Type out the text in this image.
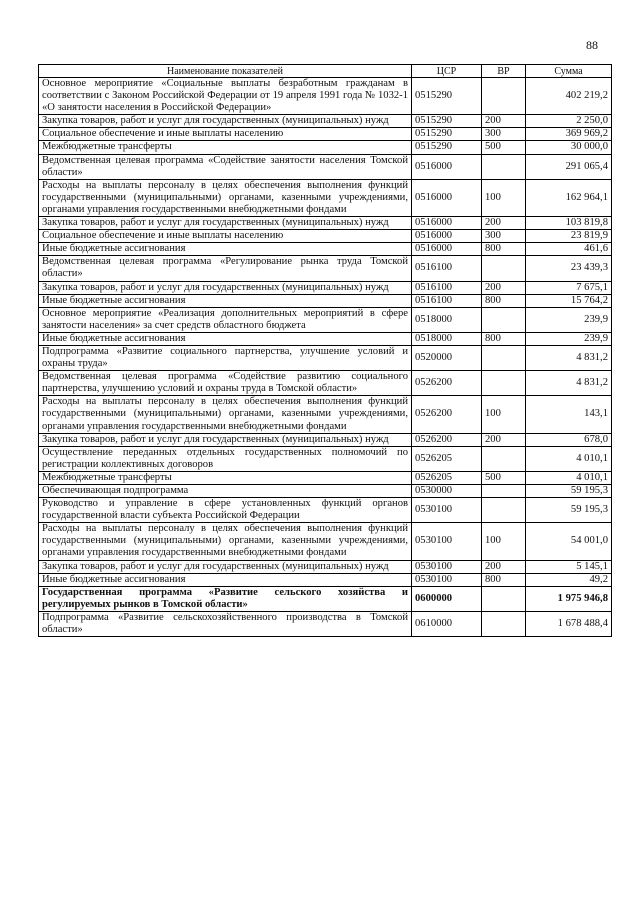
88
Наименование показателей	ЦСР	ВР	Сумма
Основное мероприятие «Социальные выплаты безработным гражданам в соответствии с Законом Российской Федерации от 19 апреля 1991 года № 1032-1 «О занятости населения в Российской Федерации»	0515290		402 219,2
Закупка товаров, работ и услуг для государственных (муниципальных) нужд	0515290	200	2 250,0
Социальное обеспечение и иные выплаты населению	0515290	300	369 969,2
Межбюджетные трансферты	0515290	500	30 000,0
Ведомственная целевая программа «Содействие занятости населения Томской области»	0516000		291 065,4
Расходы на выплаты персоналу в целях обеспечения выполнения функций государственными (муниципальными) органами, казенными учреждениями, органами управления государственными внебюджетными фондами	0516000	100	162 964,1
Закупка товаров, работ и услуг для государственных (муниципальных) нужд	0516000	200	103 819,8
Социальное обеспечение и иные выплаты населению	0516000	300	23 819,9
Иные бюджетные ассигнования	0516000	800	461,6
Ведомственная целевая программа «Регулирование рынка труда Томской области»	0516100		23 439,3
Закупка товаров, работ и услуг для государственных (муниципальных) нужд	0516100	200	7 675,1
Иные бюджетные ассигнования	0516100	800	15 764,2
Основное мероприятие «Реализация дополнительных мероприятий в сфере занятости населения» за счет средств областного бюджета	0518000		239,9
Иные бюджетные ассигнования	0518000	800	239,9
Подпрограмма «Развитие социального партнерства, улучшение условий и охраны труда»	0520000		4 831,2
Ведомственная целевая программа «Содействие развитию социального партнерства, улучшению условий и охраны труда в Томской области»	0526200		4 831,2
Расходы на выплаты персоналу в целях обеспечения выполнения функций государственными (муниципальными) органами, казенными учреждениями, органами управления государственными внебюджетными фондами	0526200	100	143,1
Закупка товаров, работ и услуг для государственных (муниципальных) нужд	0526200	200	678,0
Осуществление переданных отдельных государственных полномочий по регистрации коллективных договоров	0526205		4 010,1
Межбюджетные трансферты	0526205	500	4 010,1
Обеспечивающая подпрограмма	0530000		59 195,3
Руководство и управление в сфере установленных функций органов государственной власти субъекта Российской Федерации	0530100		59 195,3
Расходы на выплаты персоналу в целях обеспечения выполнения функций государственными (муниципальными) органами, казенными учреждениями, органами управления государственными внебюджетными фондами	0530100	100	54 001,0
Закупка товаров, работ и услуг для государственных (муниципальных) нужд	0530100	200	5 145,1
Иные бюджетные ассигнования	0530100	800	49,2
Государственная программа «Развитие сельского хозяйства и регулируемых рынков в Томской области»	0600000		1 975 946,8
Подпрограмма «Развитие сельскохозяйственного производства в Томской области»	0610000		1 678 488,4
